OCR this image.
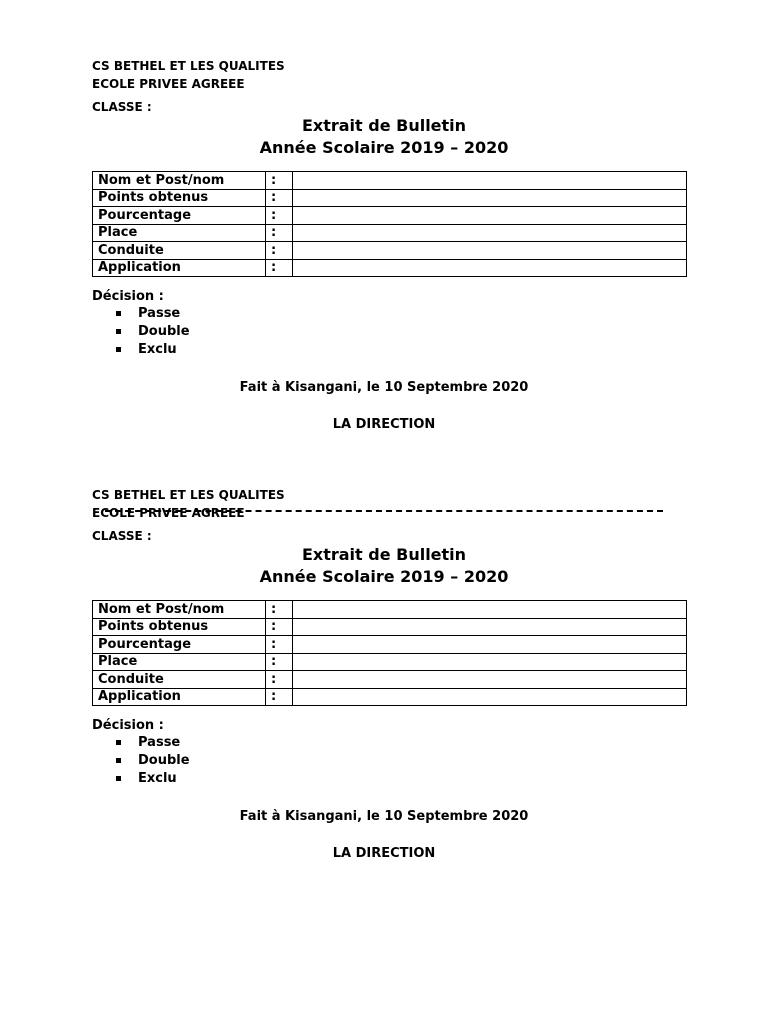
CS BETHEL ET LES QUALITES
ECOLE PRIVEE AGREEE
CLASSE :
Extrait de Bulletin
Année Scolaire 2019 – 2020
Nom et Post/nom	:	
Points obtenus	:	
Pourcentage	:	
Place	:	
Conduite	:	
Application	:	
Décision :
Passe
Double
Exclu
Fait à Kisangani, le 10 Septembre 2020
LA DIRECTION
CS BETHEL ET LES QUALITES
ECOLE PRIVEE AGREEE
CLASSE :
Extrait de Bulletin
Année Scolaire 2019 – 2020
Nom et Post/nom	:	
Points obtenus	:	
Pourcentage	:	
Place	:	
Conduite	:	
Application	:	
Décision :
Passe
Double
Exclu
Fait à Kisangani, le 10 Septembre 2020
LA DIRECTION
